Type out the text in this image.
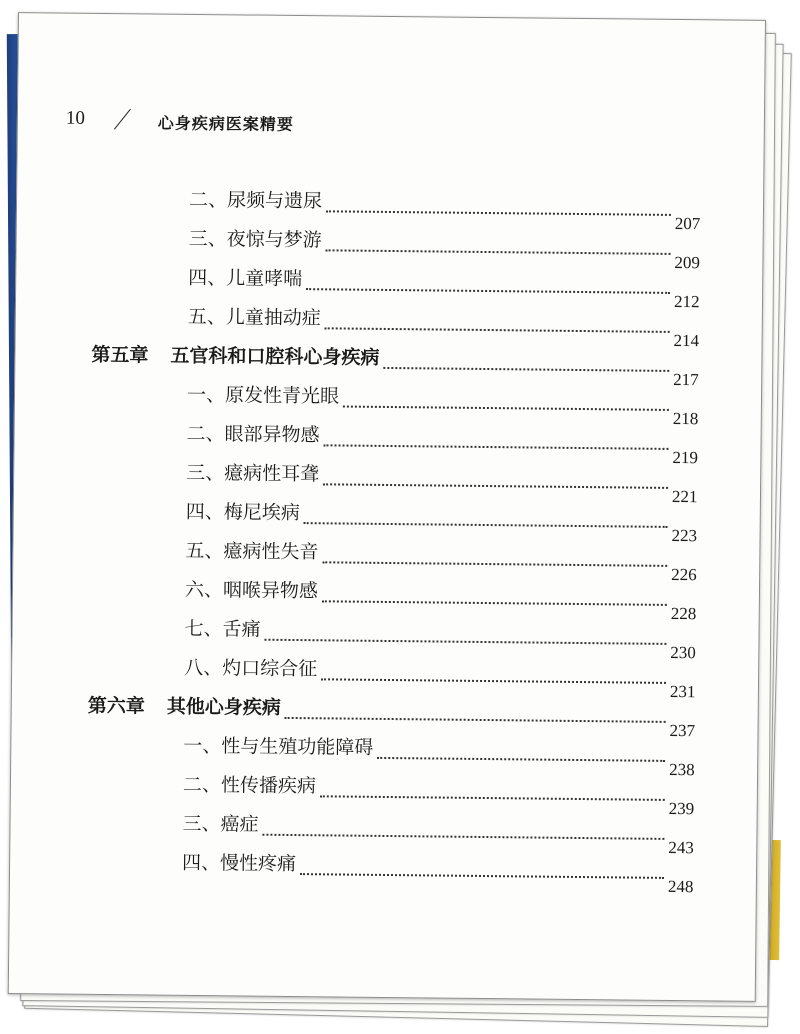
10	心身疾病医案精要
二、尿频与遗尿
207
三、夜惊与梦游
209
四、儿童哮喘
212
五、儿童抽动症
214
第五章 五官科和口腔科心身疾病
217
一、原发性青光眼
218
二、眼部异物感
219
三、癔病性耳聋
221
四、梅尼埃病
223
五、癔病性失音
226
六、咽喉异物感
228
七、舌痛
230
八、灼口综合征
231
第六章 其他心身疾病
237
一、性与生殖功能障碍
238
二、性传播疾病
239
三、癌症
243
四、慢性疼痛
248
